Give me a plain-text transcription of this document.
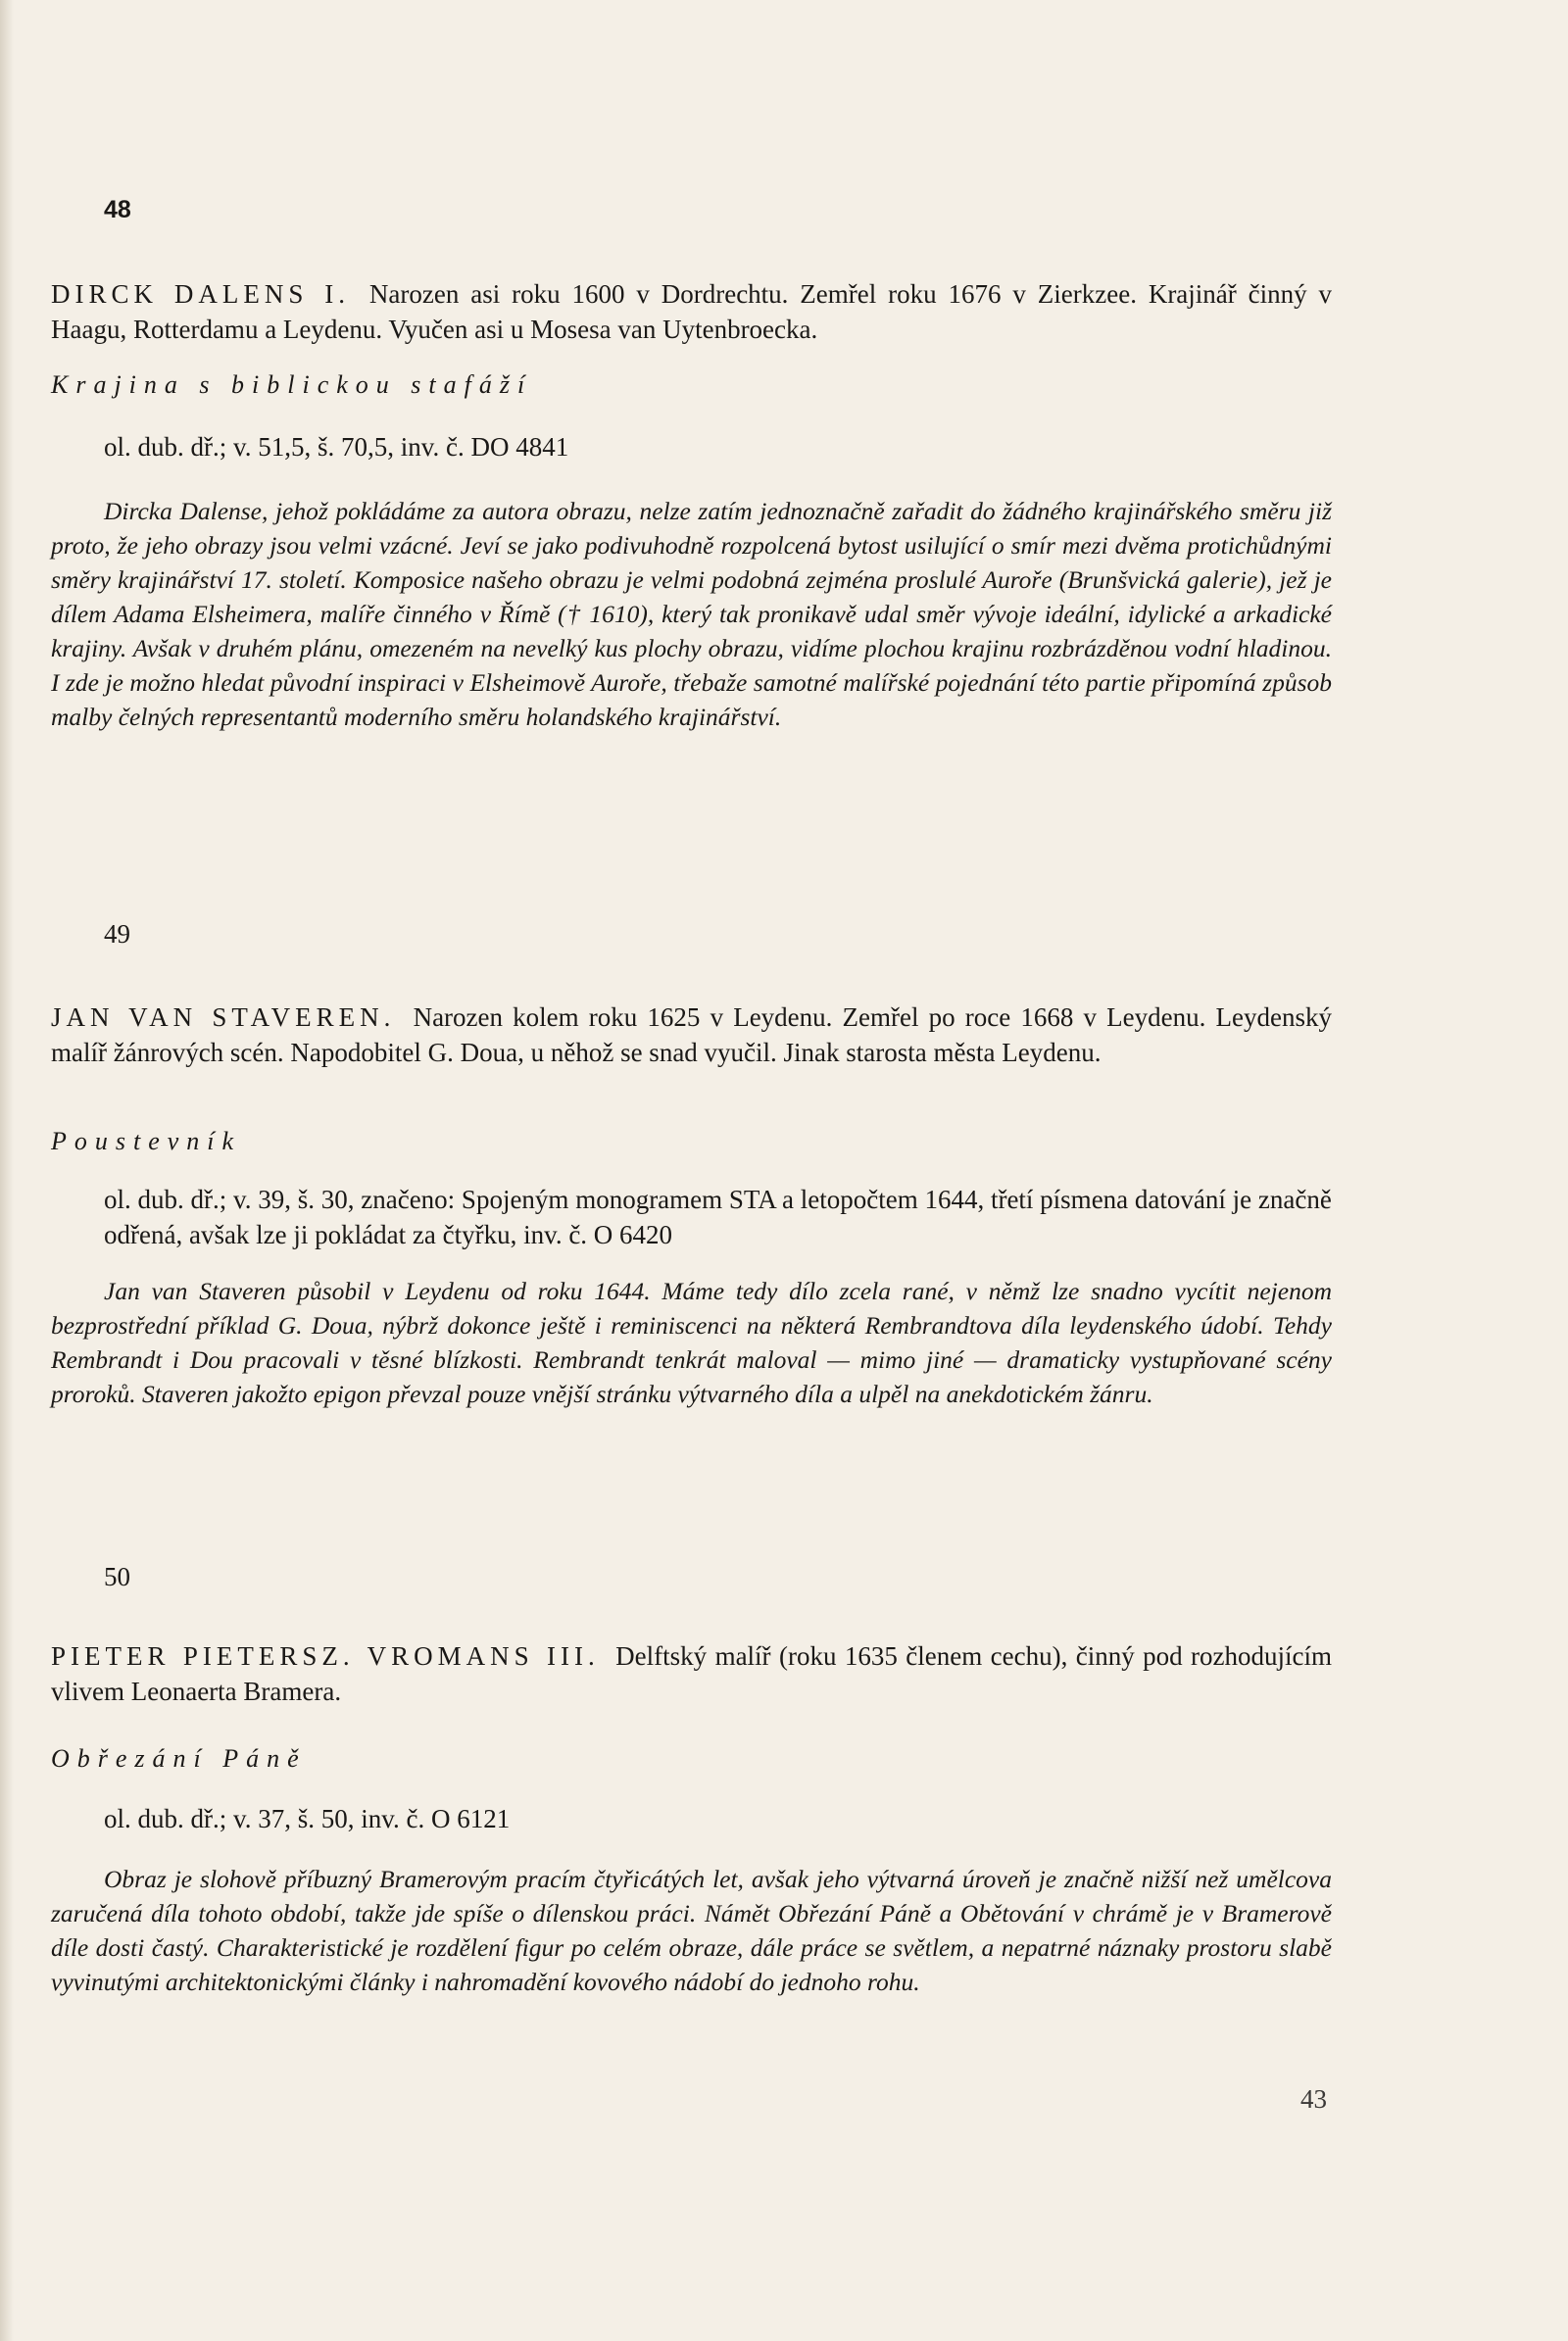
48
DIRCK DALENS I. Narozen asi roku 1600 v Dordrechtu. Zemřel roku 1676 v Zierkzee. Krajinář činný v Haagu, Rotterdamu a Leydenu. Vyučen asi u Mosesa van Uytenbroecka.
Krajina s biblickou stafáží
ol. dub. dř.; v. 51,5, š. 70,5, inv. č. DO 4841
Dircka Dalense, jehož pokládáme za autora obrazu, nelze zatím jednoznačně zařadit do žádného krajinářského směru již proto, že jeho obrazy jsou velmi vzácné. Jeví se jako podivuhodně rozpolcená bytost usilující o smír mezi dvěma protichůdnými směry krajinářství 17. století. Komposice našeho obrazu je velmi podobná zejména proslulé Auroře (Brunšvická galerie), jež je dílem Adama Elsheimera, malíře činného v Římě († 1610), který tak pronikavě udal směr vývoje ideální, idylické a arkadické krajiny. Avšak v druhém plánu, omezeném na nevelký kus plochy obrazu, vidíme plochou krajinu rozbrázděnou vodní hladinou. I zde je možno hledat původní inspiraci v Elsheimově Auroře, třebaže samotné malířské pojednání této partie připomíná způsob malby čelných representantů moderního směru holandského krajinářství.
49
JAN VAN STAVEREN. Narozen kolem roku 1625 v Leydenu. Zemřel po roce 1668 v Leydenu. Leydenský malíř žánrových scén. Napodobitel G. Doua, u něhož se snad vyučil. Jinak starosta města Leydenu.
Poustevník
ol. dub. dř.; v. 39, š. 30, značeno: Spojeným monogramem STA a letopočtem 1644, třetí písmena datování je značně odřená, avšak lze ji pokládat za čtyřku, inv. č. O 6420
Jan van Staveren působil v Leydenu od roku 1644. Máme tedy dílo zcela rané, v němž lze snadno vycítit nejenom bezprostřední příklad G. Doua, nýbrž dokonce ještě i reminiscenci na některá Rembrandtova díla leydenského údobí. Tehdy Rembrandt i Dou pracovali v těsné blízkosti. Rembrandt tenkrát maloval — mimo jiné — dramaticky vystupňované scény proroků. Staveren jakožto epigon převzal pouze vnější stránku výtvarného díla a ulpěl na anekdotickém žánru.
50
PIETER PIETERSZ. VROMANS III. Delftský malíř (roku 1635 členem cechu), činný pod rozhodujícím vlivem Leonaerta Bramera.
Obřezání Páně
ol. dub. dř.; v. 37, š. 50, inv. č. O 6121
Obraz je slohově příbuzný Bramerovým pracím čtyřicátých let, avšak jeho výtvarná úroveň je značně nižší než umělcova zaručená díla tohoto období, takže jde spíše o dílenskou práci. Námět Obřezání Páně a Obětování v chrámě je v Bramerově díle dosti častý. Charakteristické je rozdělení figur po celém obraze, dále práce se světlem, a nepatrné náznaky prostoru slabě vyvinutými architektonickými články i nahromadění kovového nádobí do jednoho rohu.
43
